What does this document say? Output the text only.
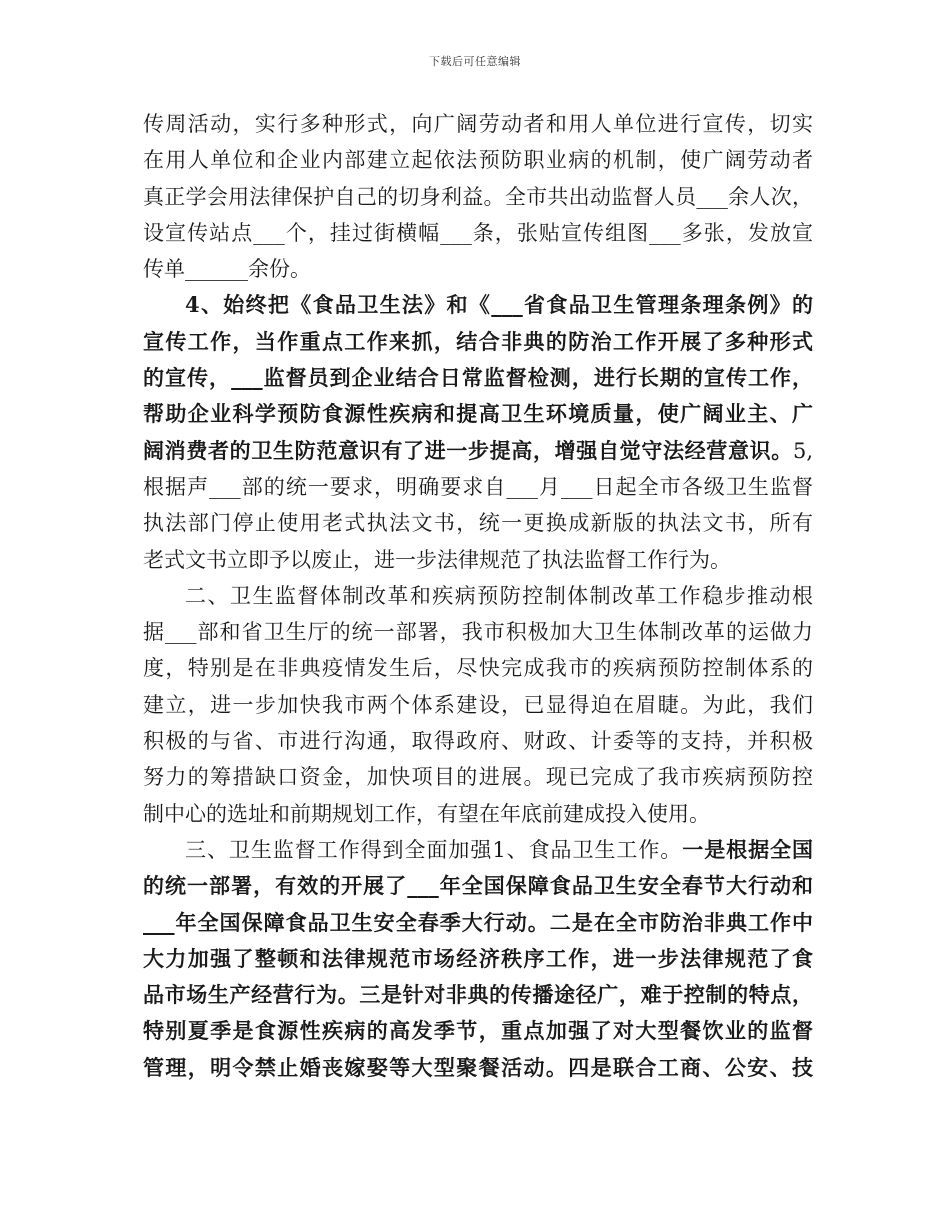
下载后可任意编辑
传周活动，实行多种形式，向广阔劳动者和用人单位进行宣传，切实
在用人单位和企业内部建立起依法预防职业病的机制，使广阔劳动者
真正学会用法律保护自己的切身利益。全市共出动监督人员___余人次，
设宣传站点___个，挂过街横幅___条，张贴宣传组图___多张，发放宣
传单______余份。
4、始终把《食品卫生法》和《___省食品卫生管理条理条例》的
宣传工作，当作重点工作来抓，结合非典的防治工作开展了多种形式
的宣传，___监督员到企业结合日常监督检测，进行长期的宣传工作，
帮助企业科学预防食源性疾病和提高卫生环境质量，使广阔业主、广
阔消费者的卫生防范意识有了进一步提高，增强自觉守法经营意识。5,
根据声___部的统一要求，明确要求自___月___日起全市各级卫生监督
执法部门停止使用老式执法文书，统一更换成新版的执法文书，所有
老式文书立即予以废止，进一步法律规范了执法监督工作行为。
二、卫生监督体制改革和疾病预防控制体制改革工作稳步推动根
据___部和省卫生厅的统一部署，我市积极加大卫生体制改革的运做力
度，特别是在非典疫情发生后，尽快完成我市的疾病预防控制体系的
建立，进一步加快我市两个体系建设，已显得迫在眉睫。为此，我们
积极的与省、市进行沟通，取得政府、财政、计委等的支持，并积极
努力的筹措缺口资金，加快项目的进展。现已完成了我市疾病预防控
制中心的选址和前期规划工作，有望在年底前建成投入使用。
三、卫生监督工作得到全面加强1、食品卫生工作。一是根据全国
的统一部署，有效的开展了___年全国保障食品卫生安全春节大行动和
___年全国保障食品卫生安全春季大行动。二是在全市防治非典工作中
大力加强了整顿和法律规范市场经济秩序工作，进一步法律规范了食
品市场生产经营行为。三是针对非典的传播途径广，难于控制的特点，
特别夏季是食源性疾病的高发季节，重点加强了对大型餐饮业的监督
管理，明令禁止婚丧嫁娶等大型聚餐活动。四是联合工商、公安、技
